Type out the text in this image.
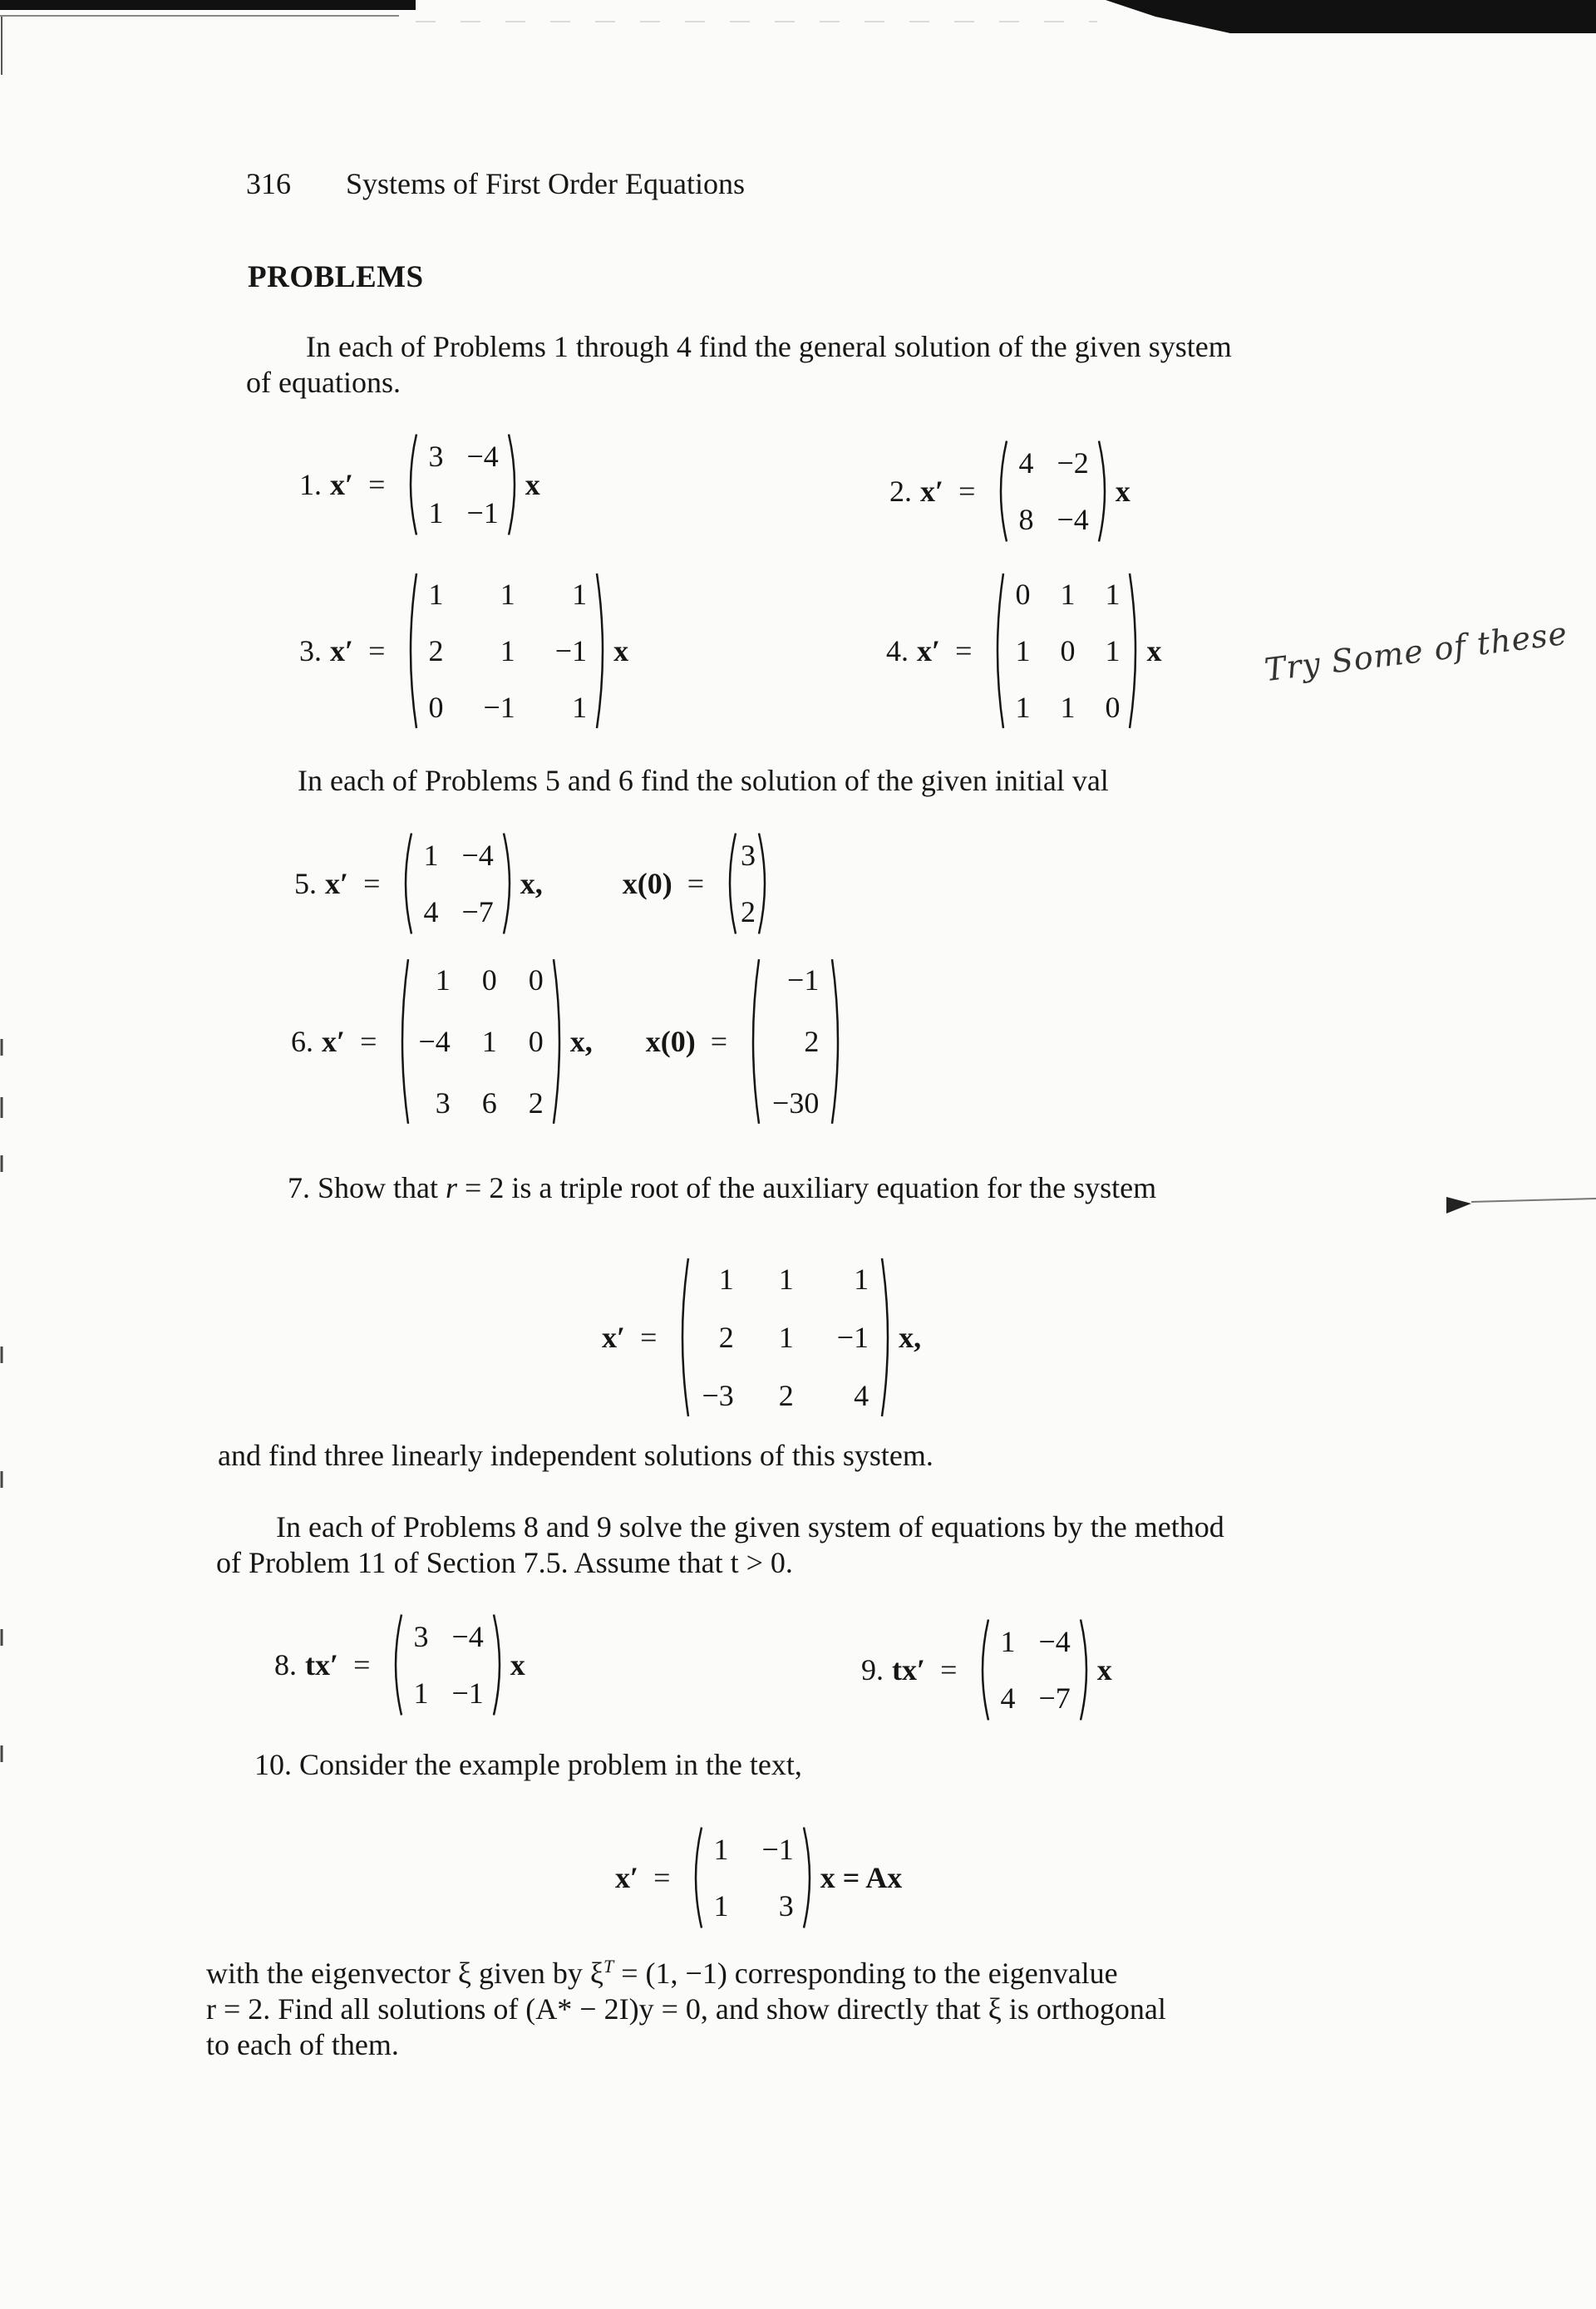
316 Systems of First Order Equations
PROBLEMS
In each of Problems 1 through 4 find the general solution of the given system
of equations.
1. x′ =
3 −4
1 −1
x	2. x′ =
4 −2
8 −4
x
3. x′ =
1	1	1
2	1 −1
0 −1	1
x	4. x′ =
0 1 1
1 0 1
1 1 0
x	Try Some of these
In each of Problems 5 and 6 find the solution of the given initial val
5. x′ =
1 −4
4 −7
x,	x(0) =
3
2
6. x′ =
1 0 0
−4 1 0
3 6 2
x, x(0) =
−1
2
−30
7. Show that r = 2 is a triple root of the auxiliary equation for the system
x′ =
1 1	1
2 1 −1
−3 2	4
x,
and find three linearly independent solutions of this system.
In each of Problems 8 and 9 solve the given system of equations by the method
of Problem 11 of Section 7.5. Assume that t > 0.
8. tx′ =
3 −4
1 −1
x	9. tx′ =
1 −4
4 −7
x
10. Consider the example problem in the text,
x′ =
1 −1
1	3
x = Ax
with the eigenvector ξ given by $\xi^T = (1$, −1) corresponding to the eigenvalue
r = 2. Find all solutions of (A* − 2I)y = 0, and show directly that ξ is orthogonal
to each of them.
